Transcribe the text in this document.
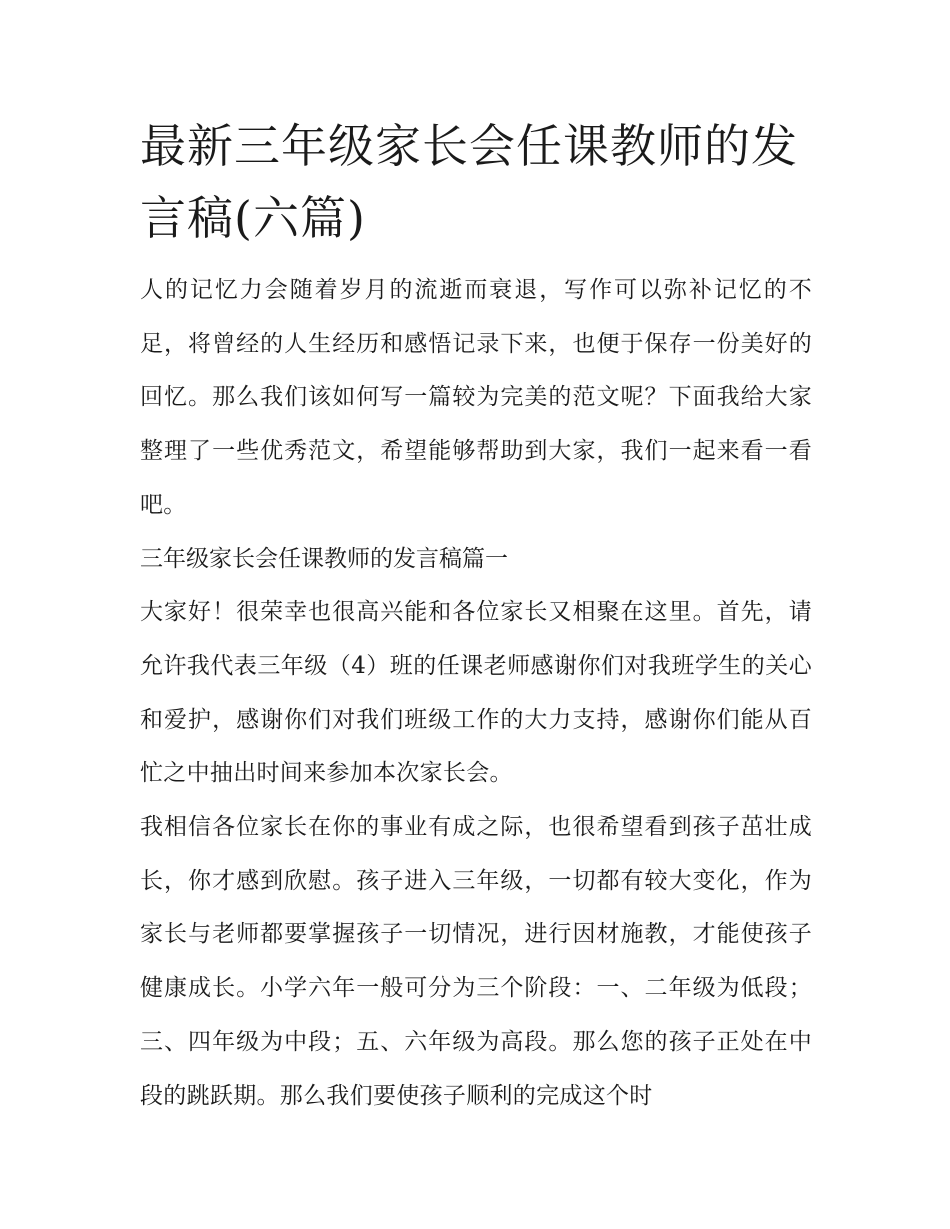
最新三年级家长会任课教师的发言稿(六篇)

人的记忆力会随着岁月的流逝而衰退，写作可以弥补记忆的不足，将曾经的人生经历和感悟记录下来，也便于保存一份美好的回忆。那么我们该如何写一篇较为完美的范文呢？下面我给大家整理了一些优秀范文，希望能够帮助到大家，我们一起来看一看吧。

三年级家长会任课教师的发言稿篇一

大家好！很荣幸也很高兴能和各位家长又相聚在这里。首先，请允许我代表三年级（4）班的任课老师感谢你们对我班学生的关心和爱护，感谢你们对我们班级工作的大力支持，感谢你们能从百忙之中抽出时间来参加本次家长会。

我相信各位家长在你的事业有成之际，也很希望看到孩子茁壮成长，你才感到欣慰。孩子进入三年级，一切都有较大变化，作为家长与老师都要掌握孩子一切情况，进行因材施教，才能使孩子健康成长。小学六年一般可分为三个阶段：一、二年级为低段；三、四年级为中段；五、六年级为高段。那么您的孩子正处在中段的跳跃期。那么我们要使孩子顺利的完成这个时
